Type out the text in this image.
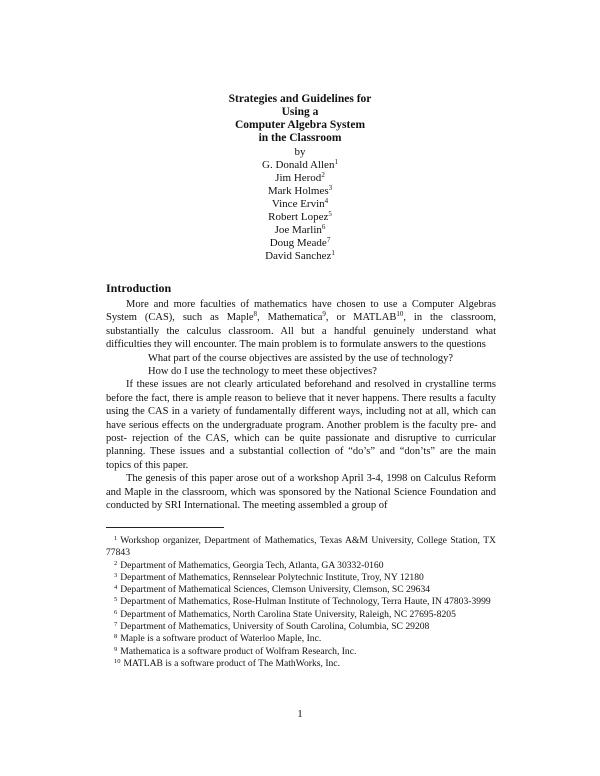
Strategies and Guidelines for
Using a
Computer Algebra System
in the Classroom
by
G. Donald Allen$^1$
Jim Herod$^2$
Mark Holmes$^3$
Vince Ervin$^4$
Robert Lopez$^5$
Joe Marlin$^6$
Doug Meade$^7$
David Sanchez$^1$
Introduction

More and more faculties of mathematics have chosen to use a Computer Algebras System (CAS), such as Maple$^8$, Mathematica$^9$, or MATLAB$^{10}$, in the classroom, substantially the calculus classroom. All but a handful genuinely understand what difficulties they will encounter. The main problem is to formulate answers to the questions

What part of the course objectives are assisted by the use of technology?

How do I use the technology to meet these objectives?

If these issues are not clearly articulated beforehand and resolved in crystalline terms before the fact, there is ample reason to believe that it never happens. There results a faculty using the CAS in a variety of fundamentally different ways, including not at all, which can have serious effects on the undergraduate program. Another problem is the faculty pre- and post- rejection of the CAS, which can be quite passionate and disruptive to curricular planning. These issues and a substantial collection of “do’s” and “don’ts” are the main topics of this paper.

The genesis of this paper arose out of a workshop April 3-4, 1998 on Calculus Reform and Maple in the classroom, which was sponsored by the National Science Foundation and conducted by SRI International. The meeting assembled a group of

$^1$ Workshop organizer, Department of Mathematics, Texas A&M University, College Station, TX 77843

$^2$ Department of Mathematics, Georgia Tech, Atlanta, GA 30332-0160

$^3$ Department of Mathematics, Rennselear Polytechnic Institute, Troy, NY 12180

$^4$ Department of Mathematical Sciences, Clemson University, Clemson, SC 29634

$^5$ Department of Mathematics, Rose-Hulman Institute of Technology, Terra Haute, IN 47803-3999

$^6$ Department of Mathematics, North Carolina State University, Raleigh, NC 27695-8205

$^7$ Department of Mathematics, University of South Carolina, Columbia, SC 29208

$^8$ Maple is a software product of Waterloo Maple, Inc.

$^9$ Mathematica is a software product of Wolfram Research, Inc.

$^{10}$ MATLAB is a software product of The MathWorks, Inc.

1
